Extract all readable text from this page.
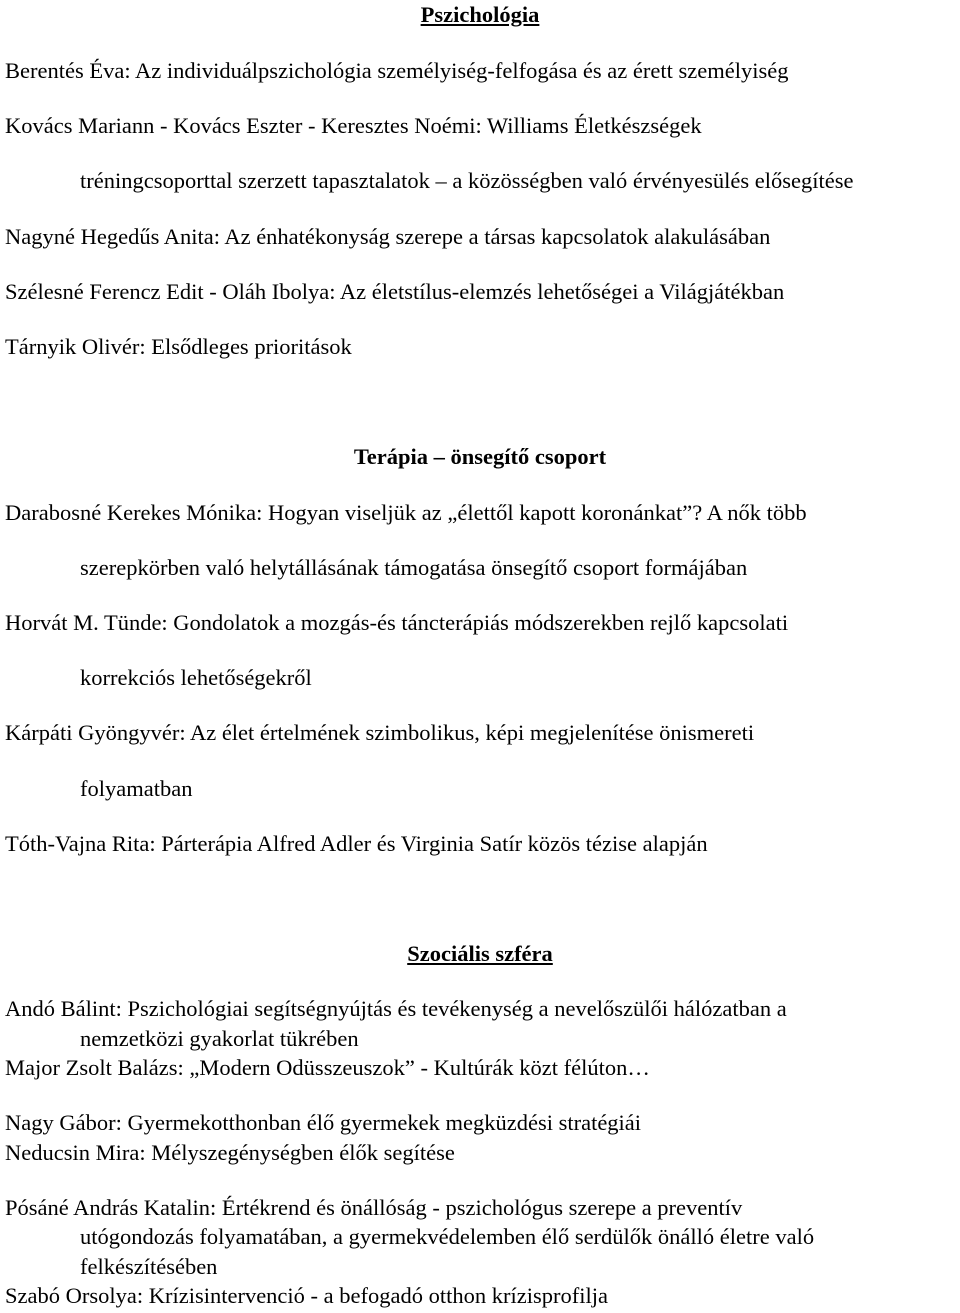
Pszichológia
Berentés Éva: Az individuálpszichológia személyiség-felfogása és az érett személyiség
Kovács Mariann - Kovács Eszter - Keresztes Noémi: Williams Életkészségek
tréningcsoporttal szerzett tapasztalatok – a közösségben való érvényesülés elősegítése
Nagyné Hegedűs Anita: Az énhatékonyság szerepe a társas kapcsolatok alakulásában
Szélesné Ferencz Edit - Oláh Ibolya: Az életstílus-elemzés lehetőségei a Világjátékban
Tárnyik Olivér: Elsődleges prioritások
Terápia – önsegítő csoport
Darabosné Kerekes Mónika: Hogyan viseljük az „élettől kapott koronánkat”? A nők több
szerepkörben való helytállásának támogatása önsegítő csoport formájában
Horvát M. Tünde: Gondolatok a mozgás-és táncterápiás módszerekben rejlő kapcsolati
korrekciós lehetőségekről
Kárpáti Gyöngyvér: Az élet értelmének szimbolikus, képi megjelenítése önismereti
folyamatban
Tóth-Vajna Rita: Párterápia Alfred Adler és Virginia Satír közös tézise alapján
Szociális szféra
Andó Bálint: Pszichológiai segítségnyújtás és tevékenység a nevelőszülői hálózatban a
nemzetközi gyakorlat tükrében
Major Zsolt Balázs: „Modern Odüsszeuszok” - Kultúrák közt félúton…
Nagy Gábor: Gyermekotthonban élő gyermekek megküzdési stratégiái
Neducsin Mira: Mélyszegénységben élők segítése
Pósáné András Katalin: Értékrend és önállóság - pszichológus szerepe a preventív
utógondozás folyamatában, a gyermekvédelemben élő serdülők önálló életre való
felkészítésében
Szabó Orsolya: Krízisintervenció - a befogadó otthon krízisprofilja
